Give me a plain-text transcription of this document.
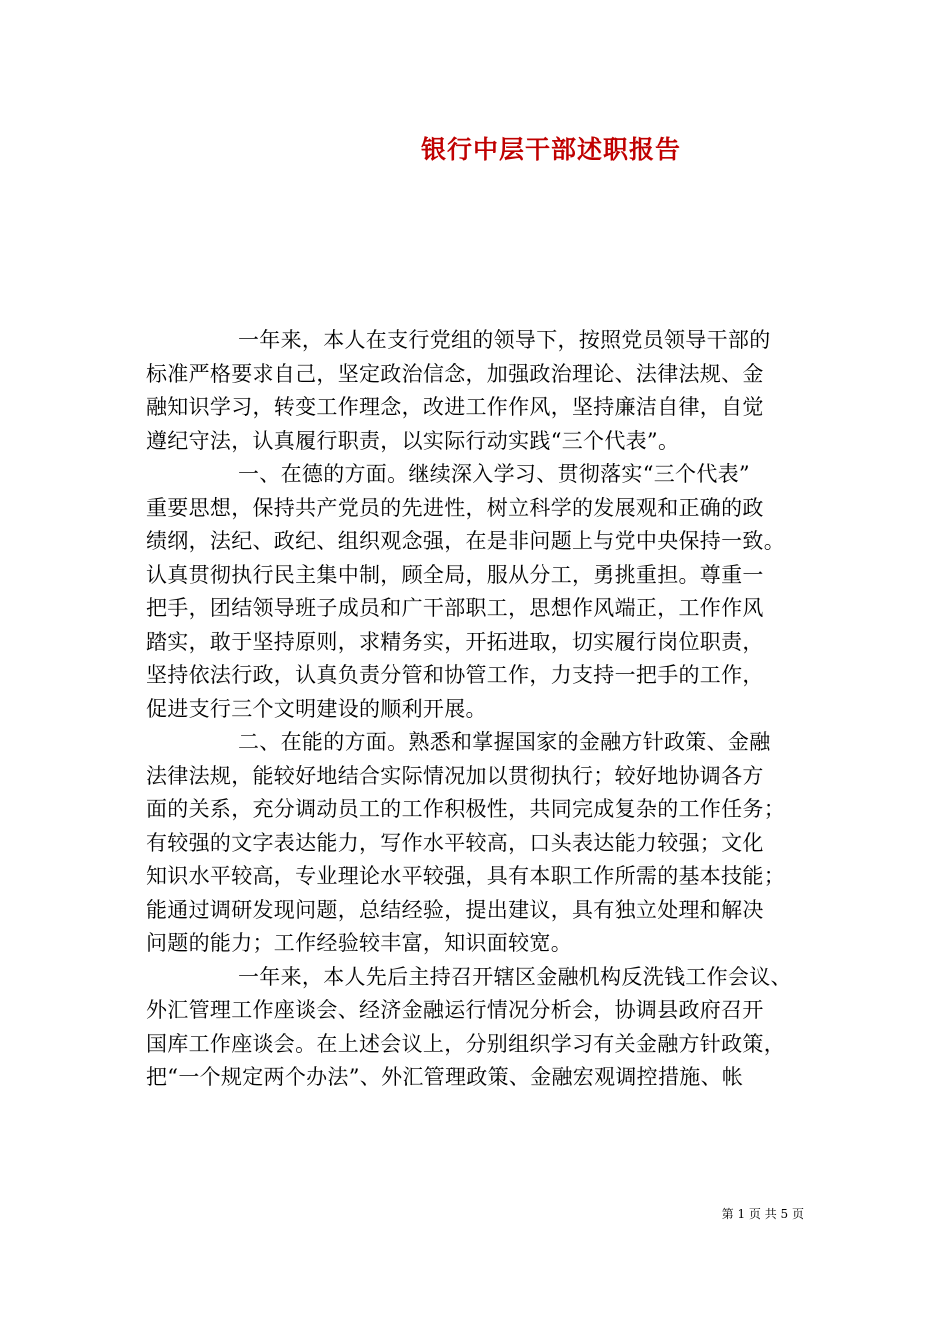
银行中层干部述职报告
一年来，本人在支行党组的领导下，按照党员领导干部的
标准严格要求自己，坚定政治信念，加强政治理论、法律法规、金
融知识学习，转变工作理念，改进工作作风，坚持廉洁自律，自觉
遵纪守法，认真履行职责，以实际行动实践“三个代表”。
一、在德的方面。继续深入学习、贯彻落实“三个代表”
重要思想，保持共产党员的先进性，树立科学的发展观和正确的政
绩纲，法纪、政纪、组织观念强，在是非问题上与党中央保持一致。
认真贯彻执行民主集中制，顾全局，服从分工，勇挑重担。尊重一
把手，团结领导班子成员和广干部职工，思想作风端正，工作作风
踏实，敢于坚持原则，求精务实，开拓进取，切实履行岗位职责，
坚持依法行政，认真负责分管和协管工作，力支持一把手的工作，
促进支行三个文明建设的顺利开展。
二、在能的方面。熟悉和掌握国家的金融方针政策、金融
法律法规，能较好地结合实际情况加以贯彻执行；较好地协调各方
面的关系，充分调动员工的工作积极性，共同完成复杂的工作任务；
有较强的文字表达能力，写作水平较高，口头表达能力较强；文化
知识水平较高，专业理论水平较强，具有本职工作所需的基本技能；
能通过调研发现问题，总结经验，提出建议，具有独立处理和解决
问题的能力；工作经验较丰富，知识面较宽。
一年来，本人先后主持召开辖区金融机构反洗钱工作会议、
外汇管理工作座谈会、经济金融运行情况分析会，协调县政府召开
国库工作座谈会。在上述会议上，分别组织学习有关金融方针政策，
把“一个规定两个办法”、外汇管理政策、金融宏观调控措施、帐
第 1 页 共 5 页
